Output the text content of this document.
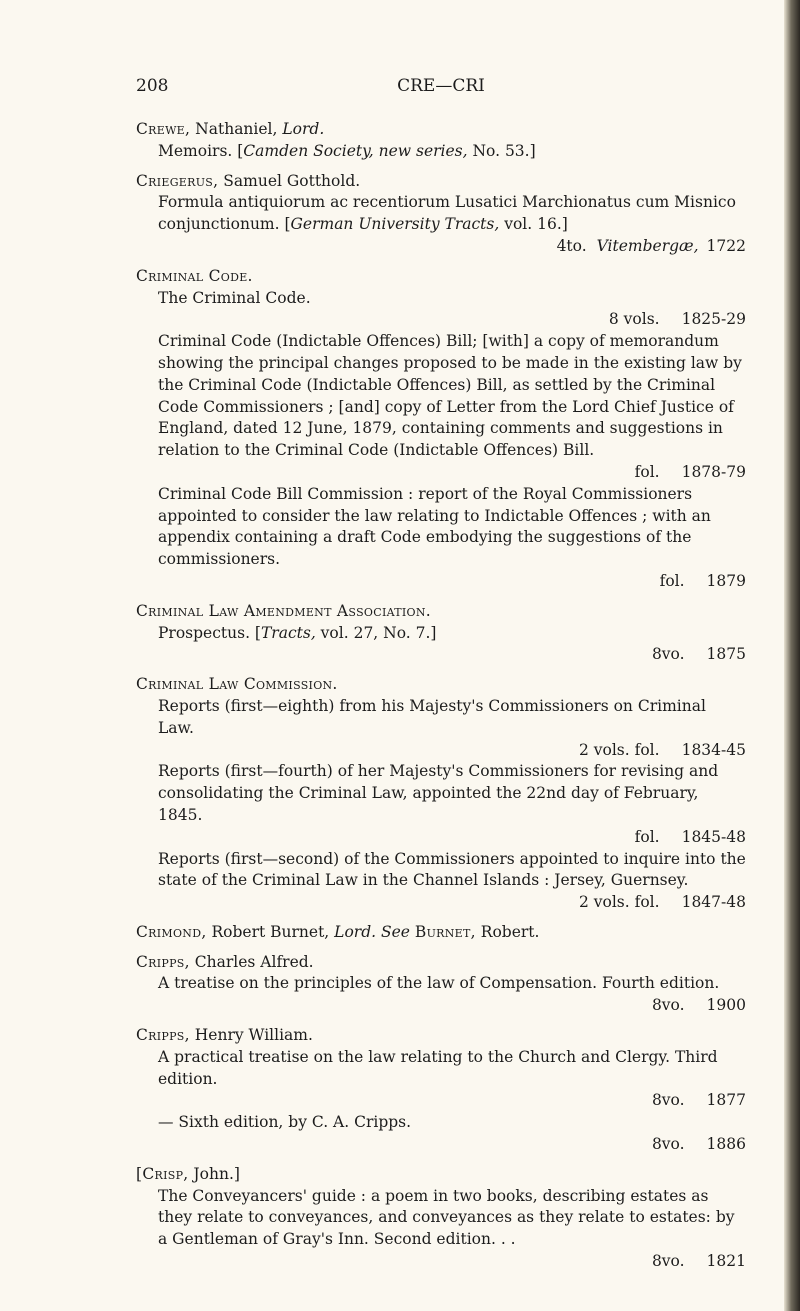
208	CRE—CRI
Crewe, Nathaniel, Lord.
Memoirs. [Camden Society, new series, No. 53.]
Criegerus, Samuel Gotthold.
Formula antiquiorum ac recentiorum Lusatici Marchionatus cum Misnico conjunctionum. [German University Tracts, vol. 16.]
4to. Vitembergæ, 1722
Criminal Code.
The Criminal Code.
8 vols. 1825-29
Criminal Code (Indictable Offences) Bill; [with] a copy of memorandum showing the principal changes proposed to be made in the existing law by the Criminal Code (Indictable Offences) Bill, as settled by the Criminal Code Commissioners ; [and] copy of Letter from the Lord Chief Justice of England, dated 12 June, 1879, containing comments and suggestions in relation to the Criminal Code (Indictable Offences) Bill.
fol. 1878-79
Criminal Code Bill Commission : report of the Royal Commissioners appointed to consider the law relating to Indictable Offences ; with an appendix containing a draft Code embodying the suggestions of the commissioners.
fol. 1879
Criminal Law Amendment Association.
Prospectus. [Tracts, vol. 27, No. 7.]
8vo. 1875
Criminal Law Commission.
Reports (first—eighth) from his Majesty's Commissioners on Criminal Law.
2 vols. fol. 1834-45
Reports (first—fourth) of her Majesty's Commissioners for revising and consolidating the Criminal Law, appointed the 22nd day of February, 1845.
fol. 1845-48
Reports (first—second) of the Commissioners appointed to inquire into the state of the Criminal Law in the Channel Islands : Jersey, Guernsey.
2 vols. fol. 1847-48
Crimond, Robert Burnet, Lord. See Burnet, Robert.
Cripps, Charles Alfred.
A treatise on the principles of the law of Compensation. Fourth edition.
8vo. 1900
Cripps, Henry William.
A practical treatise on the law relating to the Church and Clergy. Third edition.
8vo. 1877
— Sixth edition, by C. A. Cripps.
8vo. 1886
[Crisp, John.]
The Conveyancers' guide : a poem in two books, describing estates as they relate to conveyances, and conveyances as they relate to estates: by a Gentleman of Gray's Inn. Second edition. . .
8vo. 1821
